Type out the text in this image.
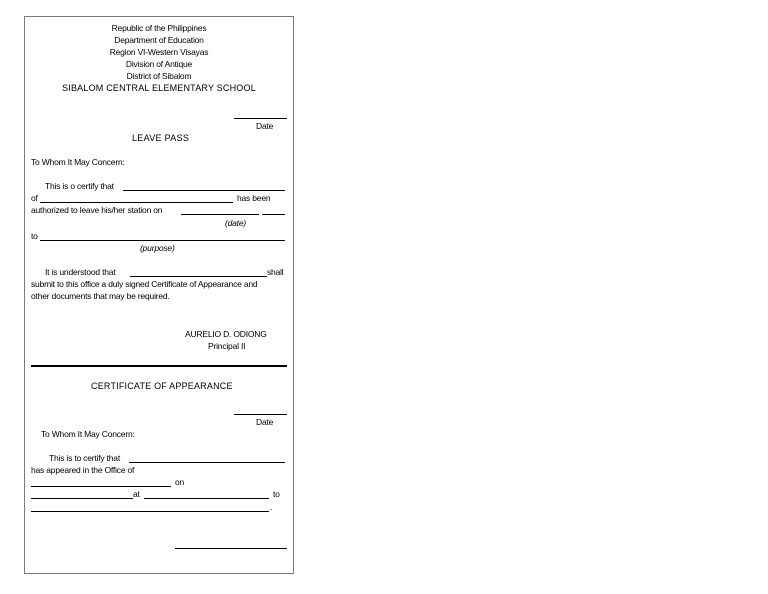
Republic of the Philippines
Department of Education
Region VI-Western Visayas
Division of Antique
District of Sibalom
SIBALOM CENTRAL ELEMENTARY SCHOOL
Date
LEAVE PASS
To Whom It May Concern:
This is o certify that
of	has been
authorized to leave his/her station on
(date)
to
(purpose)
It is understood that	shall
submit to this office a duly signed Certificate of Appearance and
other documents that may be required.
AURELIO D. ODIONG
Principal II
CERTIFICATE OF APPEARANCE
Date
To Whom It May Concern:
This is to certify that
has appeared in the Office of
on
at	to
.
